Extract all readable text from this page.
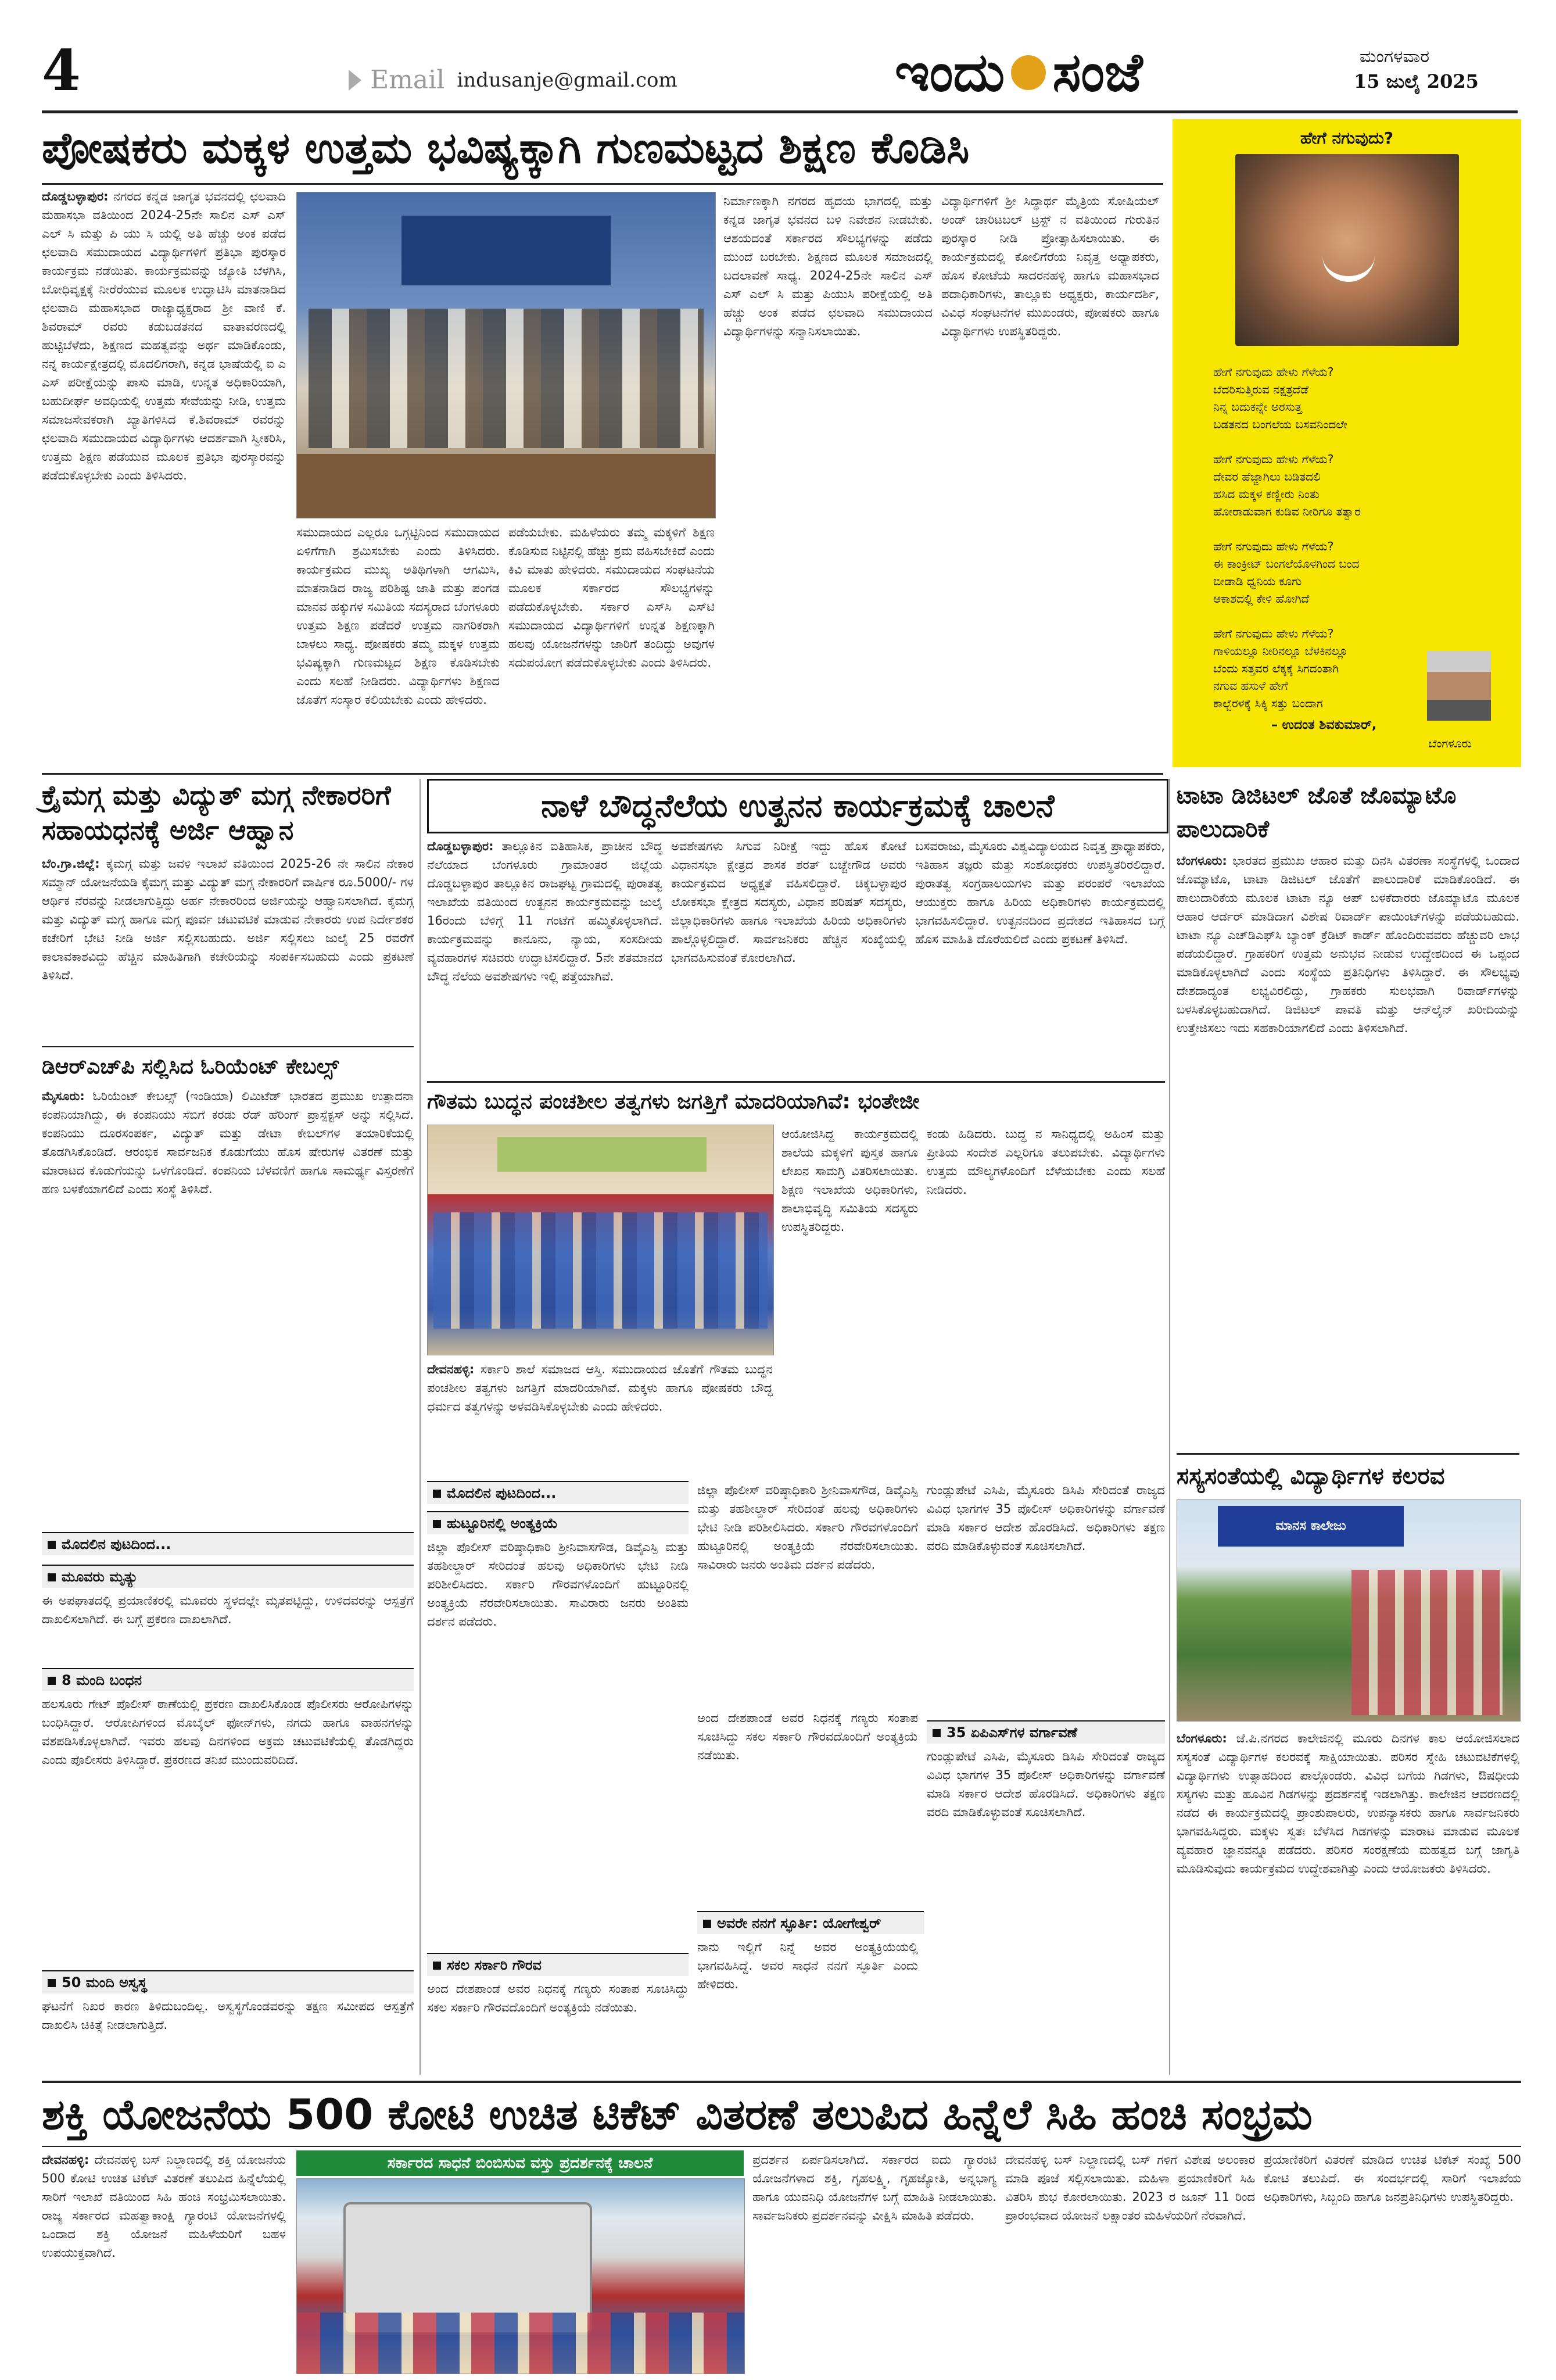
4	Email indusanje@gmail.com	ಇಂದು ಸಂಜೆ	ಮಂಗಳವಾರ
15 ಜುಲೈ 2025
ಪೋಷಕರು ಮಕ್ಕಳ ಉತ್ತಮ ಭವಿಷ್ಯಕ್ಕಾಗಿ ಗುಣಮಟ್ಟದ ಶಿಕ್ಷಣ ಕೊಡಿಸಿ
ದೊಡ್ಡಬಳ್ಳಾಪುರ: ನಗರದ ಕನ್ನಡ ಜಾಗೃತ ಭವನದಲ್ಲಿ ಛಲವಾದಿ ಮಹಾಸಭಾ ವತಿಯಿಂದ 2024-25ನೇ ಸಾಲಿನ ಎಸ್ ಎಸ್ ಎಲ್ ಸಿ ಮತ್ತು ಪಿ ಯು ಸಿ ಯಲ್ಲಿ ಅತಿ ಹೆಚ್ಚು ಅಂಕ ಪಡೆದ ಛಲವಾದಿ ಸಮುದಾಯದ ವಿದ್ಯಾರ್ಥಿಗಳಿಗೆ ಪ್ರತಿಭಾ ಪುರಸ್ಕಾರ ಕಾರ್ಯಕ್ರಮ ನಡೆಯಿತು. ಕಾರ್ಯಕ್ರಮವನ್ನು ಜ್ಯೋತಿ ಬೆಳಗಿಸಿ, ಬೋಧಿವೃಕ್ಷಕ್ಕೆ ನೀರೆರೆಯುವ ಮೂಲಕ ಉದ್ಘಾಟಿಸಿ ಮಾತನಾಡಿದ ಛಲವಾದಿ ಮಹಾಸಭಾದ ರಾಜ್ಯಾಧ್ಯಕ್ಷರಾದ ಶ್ರೀ ವಾಣಿ ಕೆ. ಶಿವರಾಮ್ ರವರು ಕಡುಬಡತನದ ವಾತಾವರಣದಲ್ಲಿ ಹುಟ್ಟಿಬೆಳೆದು, ಶಿಕ್ಷಣದ ಮಹತ್ವವನ್ನು ಅರ್ಥ ಮಾಡಿಕೊಂಡು, ನನ್ನ ಕಾರ್ಯಕ್ಷೇತ್ರದಲ್ಲಿ ಮೊದಲಿಗರಾಗಿ, ಕನ್ನಡ ಭಾಷೆಯಲ್ಲಿ ಐ ಎ ಎಸ್ ಪರೀಕ್ಷೆಯನ್ನು ಪಾಸು ಮಾಡಿ, ಉನ್ನತ ಅಧಿಕಾರಿಯಾಗಿ, ಬಹುದೀರ್ಘ ಅವಧಿಯಲ್ಲಿ ಉತ್ತಮ ಸೇವೆಯನ್ನು ನೀಡಿ, ಉತ್ತಮ ಸಮಾಜಸೇವಕರಾಗಿ ಖ್ಯಾತಿಗಳಿಸಿದ ಕೆ.ಶಿವರಾಮ್ ರವರನ್ನು ಛಲವಾದಿ ಸಮುದಾಯದ ವಿದ್ಯಾರ್ಥಿಗಳು ಆದರ್ಶವಾಗಿ ಸ್ವೀಕರಿಸಿ, ಉತ್ತಮ ಶಿಕ್ಷಣ ಪಡೆಯುವ ಮೂಲಕ ಪ್ರತಿಭಾ ಪುರಸ್ಕಾರವನ್ನು ಪಡೆದುಕೊಳ್ಳಬೇಕು ಎಂದು ತಿಳಿಸಿದರು.
ಸಮುದಾಯದ ಎಲ್ಲರೂ ಒಗ್ಗಟ್ಟಿನಿಂದ ಸಮುದಾಯದ ಏಳಿಗೆಗಾಗಿ ಶ್ರಮಿಸಬೇಕು ಎಂದು ತಿಳಿಸಿದರು. ಕಾರ್ಯಕ್ರಮದ ಮುಖ್ಯ ಅತಿಥಿಗಳಾಗಿ ಆಗಮಿಸಿ, ಮಾತನಾಡಿದ ರಾಜ್ಯ ಪರಿಶಿಷ್ಟ ಜಾತಿ ಮತ್ತು ಪಂಗಡ ಮಾನವ ಹಕ್ಕುಗಳ ಸಮಿತಿಯ ಸದಸ್ಯರಾದ ಬೆಂಗಳೂರು ಉತ್ತಮ ಶಿಕ್ಷಣ ಪಡೆದರೆ ಉತ್ತಮ ನಾಗರಿಕರಾಗಿ ಬಾಳಲು ಸಾಧ್ಯ. ಪೋಷಕರು ತಮ್ಮ ಮಕ್ಕಳ ಉತ್ತಮ ಭವಿಷ್ಯಕ್ಕಾಗಿ ಗುಣಮಟ್ಟದ ಶಿಕ್ಷಣ ಕೊಡಿಸಬೇಕು ಎಂದು ಸಲಹೆ ನೀಡಿದರು. ವಿದ್ಯಾರ್ಥಿಗಳು ಶಿಕ್ಷಣದ ಜೊತೆಗೆ ಸಂಸ್ಕಾರ ಕಲಿಯಬೇಕು ಎಂದು ಹೇಳಿದರು.
ಪಡೆಯಬೇಕು. ಮಹಿಳೆಯರು ತಮ್ಮ ಮಕ್ಕಳಿಗೆ ಶಿಕ್ಷಣ ಕೊಡಿಸುವ ನಿಟ್ಟಿನಲ್ಲಿ ಹೆಚ್ಚು ಶ್ರಮ ವಹಿಸಬೇಕಿದೆ ಎಂದು ಕಿವಿ ಮಾತು ಹೇಳಿದರು. ಸಮುದಾಯದ ಸಂಘಟನೆಯ ಮೂಲಕ ಸರ್ಕಾರದ ಸೌಲಭ್ಯಗಳನ್ನು ಪಡೆದುಕೊಳ್ಳಬೇಕು. ಸರ್ಕಾರ ಎಸ್‌ಸಿ ಎಸ್‌ಟಿ ಸಮುದಾಯದ ವಿದ್ಯಾರ್ಥಿಗಳಿಗೆ ಉನ್ನತ ಶಿಕ್ಷಣಕ್ಕಾಗಿ ಹಲವು ಯೋಜನೆಗಳನ್ನು ಜಾರಿಗೆ ತಂದಿದ್ದು ಅವುಗಳ ಸದುಪಯೋಗ ಪಡೆದುಕೊಳ್ಳಬೇಕು ಎಂದು ತಿಳಿಸಿದರು.
ನಿರ್ಮಾಣಕ್ಕಾಗಿ ನಗರದ ಹೃದಯ ಭಾಗದಲ್ಲಿ ಮತ್ತು ಕನ್ನಡ ಜಾಗೃತ ಭವನದ ಬಳಿ ನಿವೇಶನ ನೀಡಬೇಕು. ಆಶಯದಂತೆ ಸರ್ಕಾರದ ಸೌಲಭ್ಯಗಳನ್ನು ಪಡೆದು ಮುಂದೆ ಬರಬೇಕು. ಶಿಕ್ಷಣದ ಮೂಲಕ ಸಮಾಜದಲ್ಲಿ ಬದಲಾವಣೆ ಸಾಧ್ಯ. 2024-25ನೇ ಸಾಲಿನ ಎಸ್ ಎಸ್ ಎಲ್ ಸಿ ಮತ್ತು ಪಿಯುಸಿ ಪರೀಕ್ಷೆಯಲ್ಲಿ ಅತಿ ಹೆಚ್ಚು ಅಂಕ ಪಡೆದ ಛಲವಾದಿ ಸಮುದಾಯದ ವಿದ್ಯಾರ್ಥಿಗಳನ್ನು ಸನ್ಮಾನಿಸಲಾಯಿತು.
ವಿದ್ಯಾರ್ಥಿಗಳಿಗೆ ಶ್ರೀ ಸಿದ್ಧಾರ್ಥ ಮೈತ್ರಿಯ ಸೋಷಿಯಲ್ ಅಂಡ್ ಚಾರಿಟಬಲ್ ಟ್ರಸ್ಟ್ ನ ವತಿಯಿಂದ ಗುರುತಿನ ಪುರಸ್ಕಾರ ನೀಡಿ ಪ್ರೋತ್ಸಾಹಿಸಲಾಯಿತು. ಈ ಕಾರ್ಯಕ್ರಮದಲ್ಲಿ ಕೋಲಿಗೆರೆಯ ನಿವೃತ್ತ ಅಧ್ಯಾಪಕರು, ಹೊಸ ಕೋಟೆಯ ಸಾದರನಹಳ್ಳಿ ಹಾಗೂ ಮಹಾಸಭಾದ ಪದಾಧಿಕಾರಿಗಳು, ತಾಲ್ಲೂಕು ಅಧ್ಯಕ್ಷರು, ಕಾರ್ಯದರ್ಶಿ, ವಿವಿಧ ಸಂಘಟನೆಗಳ ಮುಖಂಡರು, ಪೋಷಕರು ಹಾಗೂ ವಿದ್ಯಾರ್ಥಿಗಳು ಉಪಸ್ಥಿತರಿದ್ದರು.
ಹೇಗೆ ನಗುವುದು?
ಹೇಗೆ ನಗುವುದು ಹೇಳು ಗೆಳೆಯ?
ಬೆದರಿಸುತ್ತಿರುವ ನಕ್ಷತ್ರದೆಡೆ
ನಿನ್ನ ಬದುಕನ್ನೇ ಅರಸುತ್ತ
ಬಡತನದ ಬಂಗಲೆಯ ಬಸವನಿಂದಲೇ
ಹೇಗೆ ನಗುವುದು ಹೇಳು ಗೆಳೆಯ?
ದೇವರ ಹೆಜ್ಜಾಗಿಲು ಬಡಿತದಲಿ
ಹಸಿದ ಮಕ್ಕಳ ಕಣ್ಣೀರು ನಿಂತು
ಹೋರಾಡುವಾಗ ಕುಡಿವ ನೀರಿಗೂ ತತ್ವಾರ
ಹೇಗೆ ನಗುವುದು ಹೇಳು ಗೆಳೆಯ?
ಈ ಕಾಂಕ್ರೀಟ್ ಬಂಗಲೆಯೊಳಗಿಂದ ಬಂದ
ಬೀಡಾಡಿ ಧ್ವನಿಯ ಕೂಗು
ಆಕಾಶದಲ್ಲಿ ಕೇಳಿ ಹೋಗಿದೆ
ಹೇಗೆ ನಗುವುದು ಹೇಳು ಗೆಳೆಯ?
ಗಾಳಿಯಲ್ಲೂ ನೀರಿನಲ್ಲೂ ಬೆಳಕಿನಲ್ಲೂ
ಬೆಂದು ಸತ್ತವರ ಲೆಕ್ಕಕ್ಕೆ ಸಿಗದಂತಾಗಿ
ನಗುವ ಹಸುಳೆ ಹೇಗೆ
ಕಾಲ್ಬೆರಳಕ್ಕೆ ಸಿಕ್ಕಿ ಸತ್ತು ಬಂದಾಗ
– ಉದಂತ ಶಿವಕುಮಾರ್,
ಬೆಂಗಳೂರು
ಕ್ರೈಮಗ್ಗ ಮತ್ತು ವಿದ್ಯುತ್ ಮಗ್ಗ ನೇಕಾರರಿಗೆ ಸಹಾಯಧನಕ್ಕೆ ಅರ್ಜಿ ಆಹ್ವಾನ
ಬೆಂ.ಗ್ರಾ.ಜಿಲ್ಲೆ: ಕೈಮಗ್ಗ ಮತ್ತು ಜವಳಿ ಇಲಾಖೆ ವತಿಯಿಂದ 2025-26 ನೇ ಸಾಲಿನ ನೇಕಾರ ಸಮ್ಮಾನ್ ಯೋಜನೆಯಡಿ ಕೈಮಗ್ಗ ಮತ್ತು ವಿದ್ಯುತ್ ಮಗ್ಗ ನೇಕಾರರಿಗೆ ವಾರ್ಷಿಕ ರೂ.5000/- ಗಳ ಆರ್ಥಿಕ ನೆರವನ್ನು ನೀಡಲಾಗುತ್ತಿದ್ದು ಅರ್ಹ ನೇಕಾರರಿಂದ ಅರ್ಜಿಯನ್ನು ಆಹ್ವಾನಿಸಲಾಗಿದೆ. ಕೈಮಗ್ಗ ಮತ್ತು ವಿದ್ಯುತ್ ಮಗ್ಗ ಹಾಗೂ ಮಗ್ಗ ಪೂರ್ವ ಚಟುವಟಿಕೆ ಮಾಡುವ ನೇಕಾರರು ಉಪ ನಿರ್ದೇಶಕರ ಕಚೇರಿಗೆ ಭೇಟಿ ನೀಡಿ ಅರ್ಜಿ ಸಲ್ಲಿಸಬಹುದು. ಅರ್ಜಿ ಸಲ್ಲಿಸಲು ಜುಲೈ 25 ರವರೆಗೆ ಕಾಲಾವಕಾಶವಿದ್ದು ಹೆಚ್ಚಿನ ಮಾಹಿತಿಗಾಗಿ ಕಚೇರಿಯನ್ನು ಸಂಪರ್ಕಿಸಬಹುದು ಎಂದು ಪ್ರಕಟಣೆ ತಿಳಿಸಿದೆ.
ಡಿಆರ್‌ಎಚ್‌ಪಿ ಸಲ್ಲಿಸಿದ ಓರಿಯೆಂಟ್ ಕೇಬಲ್ಸ್
ಮೈಸೂರು: ಓರಿಯೆಂಟ್ ಕೇಬಲ್ಸ್ (ಇಂಡಿಯಾ) ಲಿಮಿಟೆಡ್ ಭಾರತದ ಪ್ರಮುಖ ಉತ್ಪಾದನಾ ಕಂಪನಿಯಾಗಿದ್ದು, ಈ ಕಂಪನಿಯು ಸೆಬಿಗೆ ಕರಡು ರೆಡ್ ಹೆರಿಂಗ್ ಪ್ರಾಸ್ಪೆಕ್ಟಸ್ ಅನ್ನು ಸಲ್ಲಿಸಿದೆ. ಕಂಪನಿಯು ದೂರಸಂಪರ್ಕ, ವಿದ್ಯುತ್ ಮತ್ತು ಡೇಟಾ ಕೇಬಲ್‌ಗಳ ತಯಾರಿಕೆಯಲ್ಲಿ ತೊಡಗಿಸಿಕೊಂಡಿದೆ. ಆರಂಭಿಕ ಸಾರ್ವಜನಿಕ ಕೊಡುಗೆಯು ಹೊಸ ಷೇರುಗಳ ವಿತರಣೆ ಮತ್ತು ಮಾರಾಟದ ಕೊಡುಗೆಯನ್ನು ಒಳಗೊಂಡಿದೆ. ಕಂಪನಿಯ ಬೆಳವಣಿಗೆ ಹಾಗೂ ಸಾಮರ್ಥ್ಯ ವಿಸ್ತರಣೆಗೆ ಹಣ ಬಳಕೆಯಾಗಲಿದೆ ಎಂದು ಸಂಸ್ಥೆ ತಿಳಿಸಿದೆ.
ಮೊದಲಿನ ಪುಟದಿಂದ...
ಮೂವರು ಮೃತ್ಯು
ಈ ಅಪಘಾತದಲ್ಲಿ ಪ್ರಯಾಣಿಕರಲ್ಲಿ ಮೂವರು ಸ್ಥಳದಲ್ಲೇ ಮೃತಪಟ್ಟಿದ್ದು, ಉಳಿದವರನ್ನು ಆಸ್ಪತ್ರೆಗೆ ದಾಖಲಿಸಲಾಗಿದೆ. ಈ ಬಗ್ಗೆ ಪ್ರಕರಣ ದಾಖಲಾಗಿದೆ.
8 ಮಂದಿ ಬಂಧನ
ಹಲಸೂರು ಗೇಟ್ ಪೊಲೀಸ್ ಠಾಣೆಯಲ್ಲಿ ಪ್ರಕರಣ ದಾಖಲಿಸಿಕೊಂಡ ಪೊಲೀಸರು ಆರೋಪಿಗಳನ್ನು ಬಂಧಿಸಿದ್ದಾರೆ. ಆರೋಪಿಗಳಿಂದ ಮೊಬೈಲ್ ಫೋನ್‌ಗಳು, ನಗದು ಹಾಗೂ ವಾಹನಗಳನ್ನು ವಶಪಡಿಸಿಕೊಳ್ಳಲಾಗಿದೆ. ಇವರು ಹಲವು ದಿನಗಳಿಂದ ಅಕ್ರಮ ಚಟುವಟಿಕೆಯಲ್ಲಿ ತೊಡಗಿದ್ದರು ಎಂದು ಪೊಲೀಸರು ತಿಳಿಸಿದ್ದಾರೆ. ಪ್ರಕರಣದ ತನಿಖೆ ಮುಂದುವರಿದಿದೆ.
50 ಮಂದಿ ಅಸ್ವಸ್ಥ
ಘಟನೆಗೆ ನಿಖರ ಕಾರಣ ತಿಳಿದುಬಂದಿಲ್ಲ. ಅಸ್ವಸ್ಥಗೊಂಡವರನ್ನು ತಕ್ಷಣ ಸಮೀಪದ ಆಸ್ಪತ್ರೆಗೆ ದಾಖಲಿಸಿ ಚಿಕಿತ್ಸೆ ನೀಡಲಾಗುತ್ತಿದೆ.
ನಾಳೆ ಬೌದ್ಧನೆಲೆಯ ಉತ್ಖನನ ಕಾರ್ಯಕ್ರಮಕ್ಕೆ ಚಾಲನೆ
ದೊಡ್ಡಬಳ್ಳಾಪುರ: ತಾಲ್ಲೂಕಿನ ಐತಿಹಾಸಿಕ, ಪ್ರಾಚೀನ ಬೌದ್ಧ ನೆಲೆಯಾದ ಬೆಂಗಳೂರು ಗ್ರಾಮಾಂತರ ಜಿಲ್ಲೆಯ ದೊಡ್ಡಬಳ್ಳಾಪುರ ತಾಲ್ಲೂಕಿನ ರಾಜಘಟ್ಟ ಗ್ರಾಮದಲ್ಲಿ ಪುರಾತತ್ವ ಇಲಾಖೆಯ ವತಿಯಿಂದ ಉತ್ಖನನ ಕಾರ್ಯಕ್ರಮವನ್ನು ಜುಲೈ 16ರಂದು ಬೆಳಿಗ್ಗೆ 11 ಗಂಟೆಗೆ ಹಮ್ಮಿಕೊಳ್ಳಲಾಗಿದೆ. ಕಾರ್ಯಕ್ರಮವನ್ನು ಕಾನೂನು, ನ್ಯಾಯ, ಸಂಸದೀಯ ವ್ಯವಹಾರಗಳ ಸಚಿವರು ಉದ್ಘಾಟಿಸಲಿದ್ದಾರೆ. 5ನೇ ಶತಮಾನದ ಬೌದ್ಧ ನೆಲೆಯ ಅವಶೇಷಗಳು ಇಲ್ಲಿ ಪತ್ತೆಯಾಗಿವೆ.
ಅವಶೇಷಗಳು ಸಿಗುವ ನಿರೀಕ್ಷೆ ಇದ್ದು ಹೊಸ ಕೋಟೆ ವಿಧಾನಸಭಾ ಕ್ಷೇತ್ರದ ಶಾಸಕ ಶರತ್ ಬಚ್ಚೇಗೌಡ ಅವರು ಕಾರ್ಯಕ್ರಮದ ಅಧ್ಯಕ್ಷತೆ ವಹಿಸಲಿದ್ದಾರೆ. ಚಿಕ್ಕಬಳ್ಳಾಪುರ ಲೋಕಸಭಾ ಕ್ಷೇತ್ರದ ಸದಸ್ಯರು, ವಿಧಾನ ಪರಿಷತ್ ಸದಸ್ಯರು, ಜಿಲ್ಲಾಧಿಕಾರಿಗಳು ಹಾಗೂ ಇಲಾಖೆಯ ಹಿರಿಯ ಅಧಿಕಾರಿಗಳು ಪಾಲ್ಗೊಳ್ಳಲಿದ್ದಾರೆ. ಸಾರ್ವಜನಿಕರು ಹೆಚ್ಚಿನ ಸಂಖ್ಯೆಯಲ್ಲಿ ಭಾಗವಹಿಸುವಂತೆ ಕೋರಲಾಗಿದೆ.
ಬಸವರಾಜು, ಮೈಸೂರು ವಿಶ್ವವಿದ್ಯಾಲಯದ ನಿವೃತ್ತ ಪ್ರಾಧ್ಯಾಪಕರು, ಇತಿಹಾಸ ತಜ್ಞರು ಮತ್ತು ಸಂಶೋಧಕರು ಉಪಸ್ಥಿತರಿರಲಿದ್ದಾರೆ. ಪುರಾತತ್ವ ಸಂಗ್ರಹಾಲಯಗಳು ಮತ್ತು ಪರಂಪರೆ ಇಲಾಖೆಯ ಆಯುಕ್ತರು ಹಾಗೂ ಹಿರಿಯ ಅಧಿಕಾರಿಗಳು ಕಾರ್ಯಕ್ರಮದಲ್ಲಿ ಭಾಗವಹಿಸಲಿದ್ದಾರೆ. ಉತ್ಖನನದಿಂದ ಪ್ರದೇಶದ ಇತಿಹಾಸದ ಬಗ್ಗೆ ಹೊಸ ಮಾಹಿತಿ ದೊರೆಯಲಿದೆ ಎಂದು ಪ್ರಕಟಣೆ ತಿಳಿಸಿದೆ.
ಗೌತಮ ಬುದ್ಧನ ಪಂಚಶೀಲ ತತ್ವಗಳು ಜಗತ್ತಿಗೆ ಮಾದರಿಯಾಗಿವೆ: ಭಂತೇಜೀ
ದೇವನಹಳ್ಳಿ: ಸರ್ಕಾರಿ ಶಾಲೆ ಸಮಾಜದ ಆಸ್ತಿ. ಸಮುದಾಯದ ಜೊತೆಗೆ ಗೌತಮ ಬುದ್ಧನ ಪಂಚಶೀಲ ತತ್ವಗಳು ಜಗತ್ತಿಗೆ ಮಾದರಿಯಾಗಿವೆ. ಮಕ್ಕಳು ಹಾಗೂ ಪೋಷಕರು ಬೌದ್ಧ ಧರ್ಮದ ತತ್ವಗಳನ್ನು ಅಳವಡಿಸಿಕೊಳ್ಳಬೇಕು ಎಂದು ಹೇಳಿದರು.
ಆಯೋಜಿಸಿದ್ದ ಕಾರ್ಯಕ್ರಮದಲ್ಲಿ ಶಾಲೆಯ ಮಕ್ಕಳಿಗೆ ಪುಸ್ತಕ ಹಾಗೂ ಲೇಖನ ಸಾಮಗ್ರಿ ವಿತರಿಸಲಾಯಿತು. ಶಿಕ್ಷಣ ಇಲಾಖೆಯ ಅಧಿಕಾರಿಗಳು, ಶಾಲಾಭಿವೃದ್ಧಿ ಸಮಿತಿಯ ಸದಸ್ಯರು ಉಪಸ್ಥಿತರಿದ್ದರು.
ಕಂಡು ಹಿಡಿದರು. ಬುದ್ಧ ನ ಸಾನಿಧ್ಯದಲ್ಲಿ ಅಹಿಂಸೆ ಮತ್ತು ಪ್ರೀತಿಯ ಸಂದೇಶ ಎಲ್ಲರಿಗೂ ತಲುಪಬೇಕು. ವಿದ್ಯಾರ್ಥಿಗಳು ಉತ್ತಮ ಮೌಲ್ಯಗಳೊಂದಿಗೆ ಬೆಳೆಯಬೇಕು ಎಂದು ಸಲಹೆ ನೀಡಿದರು.
ಮೊದಲಿನ ಪುಟದಿಂದ...
ಹುಟ್ಟೂರಿನಲ್ಲಿ ಅಂತ್ಯಕ್ರಿಯೆ
ಜಿಲ್ಲಾ ಪೊಲೀಸ್ ವರಿಷ್ಠಾಧಿಕಾರಿ ಶ್ರೀನಿವಾಸಗೌಡ, ಡಿವೈಎಸ್ಪಿ ಮತ್ತು ತಹಶೀಲ್ದಾರ್ ಸೇರಿದಂತೆ ಹಲವು ಅಧಿಕಾರಿಗಳು ಭೇಟಿ ನೀಡಿ ಪರಿಶೀಲಿಸಿದರು. ಸರ್ಕಾರಿ ಗೌರವಗಳೊಂದಿಗೆ ಹುಟ್ಟೂರಿನಲ್ಲಿ ಅಂತ್ಯಕ್ರಿಯೆ ನೆರವೇರಿಸಲಾಯಿತು. ಸಾವಿರಾರು ಜನರು ಅಂತಿಮ ದರ್ಶನ ಪಡೆದರು.
ಸಕಲ ಸರ್ಕಾರಿ ಗೌರವ
ಅಂದ ದೇಶಪಾಂಡೆ ಅವರ ನಿಧನಕ್ಕೆ ಗಣ್ಯರು ಸಂತಾಪ ಸೂಚಿಸಿದ್ದು ಸಕಲ ಸರ್ಕಾರಿ ಗೌರವದೊಂದಿಗೆ ಅಂತ್ಯಕ್ರಿಯೆ ನಡೆಯಿತು.
ಜಿಲ್ಲಾ ಪೊಲೀಸ್ ವರಿಷ್ಠಾಧಿಕಾರಿ ಶ್ರೀನಿವಾಸಗೌಡ, ಡಿವೈಎಸ್ಪಿ ಮತ್ತು ತಹಶೀಲ್ದಾರ್ ಸೇರಿದಂತೆ ಹಲವು ಅಧಿಕಾರಿಗಳು ಭೇಟಿ ನೀಡಿ ಪರಿಶೀಲಿಸಿದರು. ಸರ್ಕಾರಿ ಗೌರವಗಳೊಂದಿಗೆ ಹುಟ್ಟೂರಿನಲ್ಲಿ ಅಂತ್ಯಕ್ರಿಯೆ ನೆರವೇರಿಸಲಾಯಿತು. ಸಾವಿರಾರು ಜನರು ಅಂತಿಮ ದರ್ಶನ ಪಡೆದರು.
35 ಏಪಿಎಸ್‌ಗಳ ವರ್ಗಾವಣೆ
ಗುಂಡ್ಲುಪೇಟೆ ಎಸಿಪಿ, ಮೈಸೂರು ಡಿಸಿಪಿ ಸೇರಿದಂತೆ ರಾಜ್ಯದ ವಿವಿಧ ಭಾಗಗಳ 35 ಪೊಲೀಸ್ ಅಧಿಕಾರಿಗಳನ್ನು ವರ್ಗಾವಣೆ ಮಾಡಿ ಸರ್ಕಾರ ಆದೇಶ ಹೊರಡಿಸಿದೆ. ಅಧಿಕಾರಿಗಳು ತಕ್ಷಣ ವರದಿ ಮಾಡಿಕೊಳ್ಳುವಂತೆ ಸೂಚಿಸಲಾಗಿದೆ.
ಅಂದ ದೇಶಪಾಂಡೆ ಅವರ ನಿಧನಕ್ಕೆ ಗಣ್ಯರು ಸಂತಾಪ ಸೂಚಿಸಿದ್ದು ಸಕಲ ಸರ್ಕಾರಿ ಗೌರವದೊಂದಿಗೆ ಅಂತ್ಯಕ್ರಿಯೆ ನಡೆಯಿತು.
ಅವರೇ ನನಗೆ ಸ್ಫೂರ್ತಿ: ಯೋಗೇಶ್ವರ್
ನಾನು ಇಲ್ಲಿಗೆ ನಿನ್ನೆ ಅವರ ಅಂತ್ಯಕ್ರಿಯೆಯಲ್ಲಿ ಭಾಗವಹಿಸಿದ್ದೆ. ಅವರ ಸಾಧನೆ ನನಗೆ ಸ್ಫೂರ್ತಿ ಎಂದು ಹೇಳಿದರು.
ಗುಂಡ್ಲುಪೇಟೆ ಎಸಿಪಿ, ಮೈಸೂರು ಡಿಸಿಪಿ ಸೇರಿದಂತೆ ರಾಜ್ಯದ ವಿವಿಧ ಭಾಗಗಳ 35 ಪೊಲೀಸ್ ಅಧಿಕಾರಿಗಳನ್ನು ವರ್ಗಾವಣೆ ಮಾಡಿ ಸರ್ಕಾರ ಆದೇಶ ಹೊರಡಿಸಿದೆ. ಅಧಿಕಾರಿಗಳು ತಕ್ಷಣ ವರದಿ ಮಾಡಿಕೊಳ್ಳುವಂತೆ ಸೂಚಿಸಲಾಗಿದೆ.
ಟಾಟಾ ಡಿಜಿಟಲ್ ಜೊತೆ ಜೊಮ್ಯಾಟೊ ಪಾಲುದಾರಿಕೆ
ಬೆಂಗಳೂರು: ಭಾರತದ ಪ್ರಮುಖ ಆಹಾರ ಮತ್ತು ದಿನಸಿ ವಿತರಣಾ ಸಂಸ್ಥೆಗಳಲ್ಲಿ ಒಂದಾದ ಜೊಮ್ಯಾಟೊ, ಟಾಟಾ ಡಿಜಿಟಲ್ ಜೊತೆಗೆ ಪಾಲುದಾರಿಕೆ ಮಾಡಿಕೊಂಡಿದೆ. ಈ ಪಾಲುದಾರಿಕೆಯ ಮೂಲಕ ಟಾಟಾ ನ್ಯೂ ಆಪ್ ಬಳಕೆದಾರರು ಜೊಮ್ಯಾಟೊ ಮೂಲಕ ಆಹಾರ ಆರ್ಡರ್ ಮಾಡಿದಾಗ ವಿಶೇಷ ರಿವಾರ್ಡ್ ಪಾಯಿಂಟ್‌ಗಳನ್ನು ಪಡೆಯಬಹುದು. ಟಾಟಾ ನ್ಯೂ ಎಚ್‌ಡಿಎಫ್‌ಸಿ ಬ್ಯಾಂಕ್ ಕ್ರೆಡಿಟ್ ಕಾರ್ಡ್ ಹೊಂದಿರುವವರು ಹೆಚ್ಚುವರಿ ಲಾಭ ಪಡೆಯಲಿದ್ದಾರೆ. ಗ್ರಾಹಕರಿಗೆ ಉತ್ತಮ ಅನುಭವ ನೀಡುವ ಉದ್ದೇಶದಿಂದ ಈ ಒಪ್ಪಂದ ಮಾಡಿಕೊಳ್ಳಲಾಗಿದೆ ಎಂದು ಸಂಸ್ಥೆಯ ಪ್ರತಿನಿಧಿಗಳು ತಿಳಿಸಿದ್ದಾರೆ. ಈ ಸೌಲಭ್ಯವು ದೇಶದಾದ್ಯಂತ ಲಭ್ಯವಿರಲಿದ್ದು, ಗ್ರಾಹಕರು ಸುಲಭವಾಗಿ ರಿವಾರ್ಡ್‌ಗಳನ್ನು ಬಳಸಿಕೊಳ್ಳಬಹುದಾಗಿದೆ. ಡಿಜಿಟಲ್ ಪಾವತಿ ಮತ್ತು ಆನ್‌ಲೈನ್ ಖರೀದಿಯನ್ನು ಉತ್ತೇಜಿಸಲು ಇದು ಸಹಕಾರಿಯಾಗಲಿದೆ ಎಂದು ತಿಳಿಸಲಾಗಿದೆ.
ಸಸ್ಯಸಂತೆಯಲ್ಲಿ ವಿದ್ಯಾರ್ಥಿಗಳ ಕಲರವ
ಮಾನಸ ಕಾಲೇಜು
ಬೆಂಗಳೂರು: ಜೆ.ಪಿ.ನಗರದ ಕಾಲೇಜಿನಲ್ಲಿ ಮೂರು ದಿನಗಳ ಕಾಲ ಆಯೋಜಿಸಲಾದ ಸಸ್ಯಸಂತೆ ವಿದ್ಯಾರ್ಥಿಗಳ ಕಲರವಕ್ಕೆ ಸಾಕ್ಷಿಯಾಯಿತು. ಪರಿಸರ ಸ್ನೇಹಿ ಚಟುವಟಿಕೆಗಳಲ್ಲಿ ವಿದ್ಯಾರ್ಥಿಗಳು ಉತ್ಸಾಹದಿಂದ ಪಾಲ್ಗೊಂಡರು. ವಿವಿಧ ಬಗೆಯ ಗಿಡಗಳು, ಔಷಧೀಯ ಸಸ್ಯಗಳು ಮತ್ತು ಹೂವಿನ ಗಿಡಗಳನ್ನು ಪ್ರದರ್ಶನಕ್ಕೆ ಇಡಲಾಗಿತ್ತು. ಕಾಲೇಜಿನ ಆವರಣದಲ್ಲಿ ನಡೆದ ಈ ಕಾರ್ಯಕ್ರಮದಲ್ಲಿ ಪ್ರಾಂಶುಪಾಲರು, ಉಪನ್ಯಾಸಕರು ಹಾಗೂ ಸಾರ್ವಜನಿಕರು ಭಾಗವಹಿಸಿದ್ದರು. ಮಕ್ಕಳು ಸ್ವತಃ ಬೆಳೆಸಿದ ಗಿಡಗಳನ್ನು ಮಾರಾಟ ಮಾಡುವ ಮೂಲಕ ವ್ಯವಹಾರ ಜ್ಞಾನವನ್ನೂ ಪಡೆದರು. ಪರಿಸರ ಸಂರಕ್ಷಣೆಯ ಮಹತ್ವದ ಬಗ್ಗೆ ಜಾಗೃತಿ ಮೂಡಿಸುವುದು ಕಾರ್ಯಕ್ರಮದ ಉದ್ದೇಶವಾಗಿತ್ತು ಎಂದು ಆಯೋಜಕರು ತಿಳಿಸಿದರು.
ಶಕ್ತಿ ಯೋಜನೆಯ 500 ಕೋಟಿ ಉಚಿತ ಟಿಕೆಟ್ ವಿತರಣೆ ತಲುಪಿದ ಹಿನ್ನೆಲೆ ಸಿಹಿ ಹಂಚಿ ಸಂಭ್ರಮ
ದೇವನಹಳ್ಳಿ: ದೇವನಹಳ್ಳಿ ಬಸ್ ನಿಲ್ದಾಣದಲ್ಲಿ ಶಕ್ತಿ ಯೋಜನೆಯ 500 ಕೋಟಿ ಉಚಿತ ಟಿಕೆಟ್ ವಿತರಣೆ ತಲುಪಿದ ಹಿನ್ನೆಲೆಯಲ್ಲಿ ಸಾರಿಗೆ ಇಲಾಖೆ ವತಿಯಿಂದ ಸಿಹಿ ಹಂಚಿ ಸಂಭ್ರಮಿಸಲಾಯಿತು. ರಾಜ್ಯ ಸರ್ಕಾರದ ಮಹತ್ವಾಕಾಂಕ್ಷಿ ಗ್ಯಾರಂಟಿ ಯೋಜನೆಗಳಲ್ಲಿ ಒಂದಾದ ಶಕ್ತಿ ಯೋಜನೆ ಮಹಿಳೆಯರಿಗೆ ಬಹಳ ಉಪಯುಕ್ತವಾಗಿದೆ.
ಸರ್ಕಾರದ ಸಾಧನೆ ಬಿಂಬಿಸುವ ವಸ್ತು ಪ್ರದರ್ಶನಕ್ಕೆ ಚಾಲನೆ	ಪ್ರದರ್ಶನ ಏರ್ಪಡಿಸಲಾಗಿದೆ. ಸರ್ಕಾರದ ಐದು ಗ್ಯಾರಂಟಿ ಯೋಜನೆಗಳಾದ ಶಕ್ತಿ, ಗೃಹಲಕ್ಷ್ಮಿ, ಗೃಹಜ್ಯೋತಿ, ಅನ್ನಭಾಗ್ಯ ಹಾಗೂ ಯುವನಿಧಿ ಯೋಜನೆಗಳ ಬಗ್ಗೆ ಮಾಹಿತಿ ನೀಡಲಾಯಿತು. ಸಾರ್ವಜನಿಕರು ಪ್ರದರ್ಶನವನ್ನು ವೀಕ್ಷಿಸಿ ಮಾಹಿತಿ ಪಡೆದರು.
ದೇವನಹಳ್ಳಿ ಬಸ್ ನಿಲ್ದಾಣದಲ್ಲಿ ಬಸ್ ಗಳಿಗೆ ವಿಶೇಷ ಅಲಂಕಾರ ಮಾಡಿ ಪೂಜೆ ಸಲ್ಲಿಸಲಾಯಿತು. ಮಹಿಳಾ ಪ್ರಯಾಣಿಕರಿಗೆ ಸಿಹಿ ವಿತರಿಸಿ ಶುಭ ಕೋರಲಾಯಿತು. 2023 ರ ಜೂನ್ 11 ರಿಂದ ಪ್ರಾರಂಭವಾದ ಯೋಜನೆ ಲಕ್ಷಾಂತರ ಮಹಿಳೆಯರಿಗೆ ನೆರವಾಗಿದೆ.
ಪ್ರಯಾಣಿಕರಿಗೆ ವಿತರಣೆ ಮಾಡಿದ ಉಚಿತ ಟಿಕೆಟ್ ಸಂಖ್ಯೆ 500 ಕೋಟಿ ತಲುಪಿದೆ. ಈ ಸಂದರ್ಭದಲ್ಲಿ ಸಾರಿಗೆ ಇಲಾಖೆಯ ಅಧಿಕಾರಿಗಳು, ಸಿಬ್ಬಂದಿ ಹಾಗೂ ಜನಪ್ರತಿನಿಧಿಗಳು ಉಪಸ್ಥಿತರಿದ್ದರು.
